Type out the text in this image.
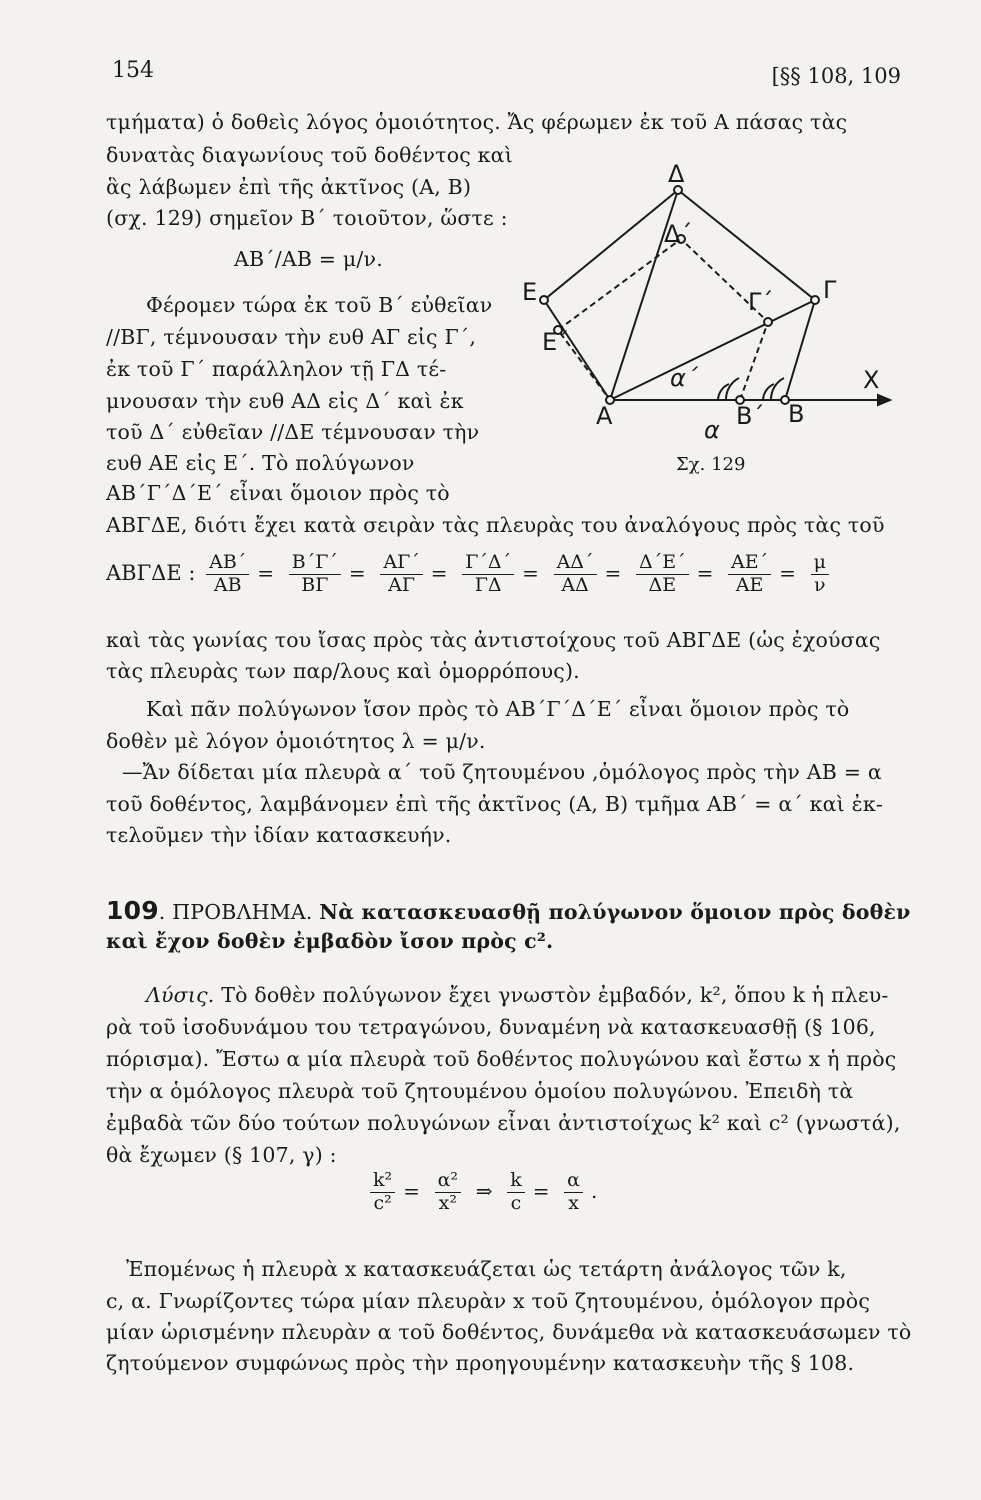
154	[§§ 108, 109
τμήματα) ὁ δοθεὶς λόγος ὁμοιότητος. Ἄς φέρωμεν ἐκ τοῦ Α πάσας τὰς
δυνατὰς διαγωνίους τοῦ δοθέντος καὶ
ἃς λάβωμεν ἐπὶ τῆς ἀκτῖνος (Α, Β)
(σχ. 129) σημεῖον Β΄ τοιοῦτον, ὥστε :
ΑΒ΄/ΑΒ = μ/ν.
Φέρομεν τώρα ἐκ τοῦ Β΄ εὐθεῖαν
//ΒΓ, τέμνουσαν τὴν ευθ ΑΓ εἰς Γ΄,
ἐκ τοῦ Γ΄ παράλληλον τῇ ΓΔ τέ-
μνουσαν τὴν ευθ ΑΔ εἰς Δ΄ καὶ ἐκ
τοῦ Δ΄ εὐθεῖαν //ΔΕ τέμνουσαν τὴν
ευθ ΑΕ εἰς Ε΄. Τὸ πολύγωνον
ΑΒ΄Γ΄Δ΄Ε΄ εἶναι ὅμοιον πρὸς τὸ
ΑΒΓΔΕ, διότι ἔχει κατὰ σειρὰν τὰς πλευρὰς του ἀναλόγους πρὸς τὰς τοῦ
Α	Β
Β΄
Γ
Γ΄
Δ
Δ΄
Ε
Ε΄
Χ
α
α΄
Σχ. 129
ΑΒΓΔΕ : $\frac{AB΄}{AB} = \frac{B΄\Gamma΄}{B\Gamma} = \frac{A\Gamma΄}{A\Gamma} = \frac{\Gamma΄\Delta΄}{\Gamma\Delta} = \frac{A\Delta΄}{A\Delta} = \frac{\Delta΄E΄}{\Delta E} = \frac{AE΄}{AE} = \frac{\mu}{\nu}$
καὶ τὰς γωνίας του ἴσας πρὸς τὰς ἀντιστοίχους τοῦ ΑΒΓΔΕ (ὡς ἐχούσας
τὰς πλευρὰς των παρ/λους καὶ ὁμορρόπους).
Καὶ πᾶν πολύγωνον ἴσον πρὸς τὸ ΑΒ΄Γ΄Δ΄Ε΄ εἶναι ὅμοιον πρὸς τὸ
δοθὲν μὲ λόγον ὁμοιότητος λ = μ/ν.
—Ἄν δίδεται μία πλευρὰ α΄ τοῦ ζητουμένου ,ὁμόλογος πρὸς τὴν ΑΒ = α
τοῦ δοθέντος, λαμβάνομεν ἐπὶ τῆς ἀκτῖνος (Α, Β) τμῆμα ΑΒ΄ = α΄ καὶ ἐκ-
τελοῦμεν τὴν ἰδίαν κατασκευήν.
109. ΠΡΟΒΛΗΜΑ. Νὰ κατασκευασθῇ πολύγωνον ὅμοιον πρὸς δοθὲν
καὶ ἔχον δοθὲν ἐμβαδὸν ἴσον πρὸς c².
Λύσις. Τὸ δοθὲν πολύγωνον ἔχει γνωστὸν ἐμβαδόν, k², ὅπου k ἡ πλευ-
ρὰ τοῦ ἰσοδυνάμου του τετραγώνου, δυναμένη νὰ κατασκευασθῇ (§ 106,
πόρισμα). Ἔστω α μία πλευρὰ τοῦ δοθέντος πολυγώνου καὶ ἔστω x ἡ πρὸς
τὴν α ὁμόλογος πλευρὰ τοῦ ζητουμένου ὁμοίου πολυγώνου. Ἐπειδὴ τὰ
ἐμβαδὰ τῶν δύο τούτων πολυγώνων εἶναι ἀντιστοίχως k² καὶ c² (γνωστά),
θὰ ἔχωμεν (§ 107, γ) :
$\frac{\text{k²}}{\text{c²}} = \frac{\text{α²}}{\text{x²}}$ ⇒ $\frac{k}{c} = \frac{\alpha}{x}$ .
Ἐπομένως ἡ πλευρὰ x κατασκευάζεται ὡς τετάρτη ἀνάλογος τῶν k,
c, α. Γνωρίζοντες τώρα μίαν πλευρὰν x τοῦ ζητουμένου, ὁμόλογον πρὸς
μίαν ὡρισμένην πλευρὰν α τοῦ δοθέντος, δυνάμεθα νὰ κατασκευάσωμεν τὸ
ζητούμενον συμφώνως πρὸς τὴν προηγουμένην κατασκευὴν τῆς § 108.
